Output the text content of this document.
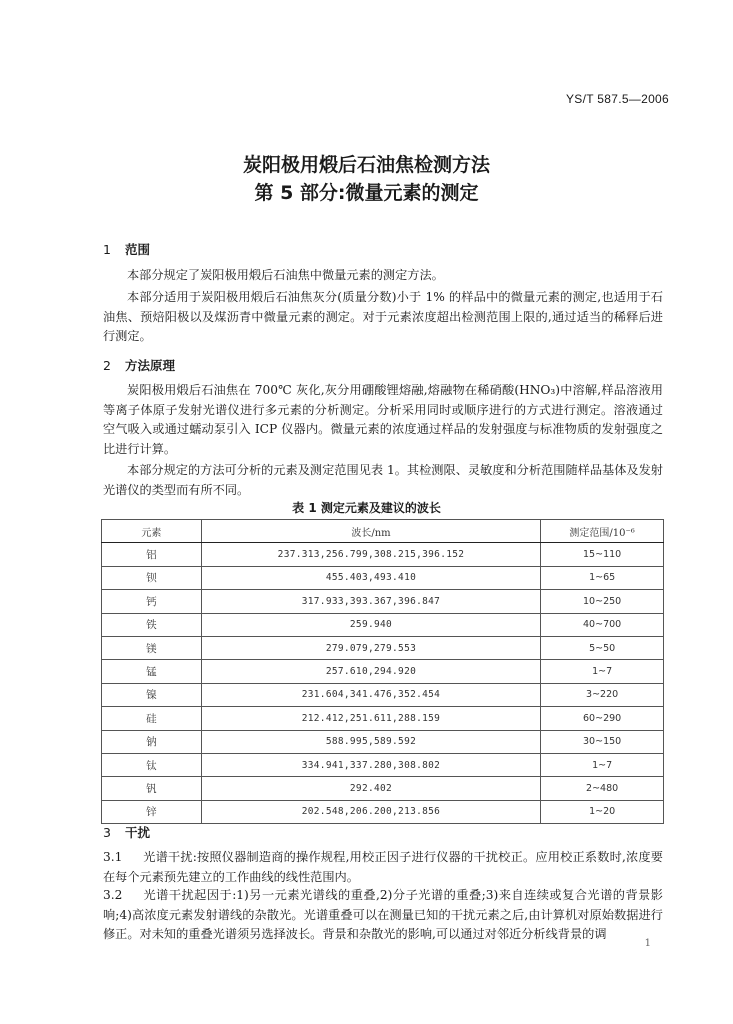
YS/T 587.5—2006
炭阳极用煅后石油焦检测方法
第 5 部分:微量元素的测定
1 范围
本部分规定了炭阳极用煅后石油焦中微量元素的测定方法。
本部分适用于炭阳极用煅后石油焦灰分(质量分数)小于 1% 的样品中的微量元素的测定,也适用于石油焦、预焙阳极以及煤沥青中微量元素的测定。对于元素浓度超出检测范围上限的,通过适当的稀释后进行测定。
2 方法原理
炭阳极用煅后石油焦在 700℃ 灰化,灰分用硼酸锂熔融,熔融物在稀硝酸(HNO₃)中溶解,样品溶液用等离子体原子发射光谱仪进行多元素的分析测定。分析采用同时或顺序进行的方式进行测定。溶液通过空气吸入或通过蠕动泵引入 ICP 仪器内。微量元素的浓度通过样品的发射强度与标准物质的发射强度之比进行计算。
本部分规定的方法可分析的元素及测定范围见表 1。其检测限、灵敏度和分析范围随样品基体及发射光谱仪的类型而有所不同。
表 1 测定元素及建议的波长
元素	波长/nm	测定范围/10⁻⁶
铝	237.313,256.799,308.215,396.152	15~110
钡	455.403,493.410	1~65
钙	317.933,393.367,396.847	10~250
铁	259.940	40~700
镁	279.079,279.553	5~50
锰	257.610,294.920	1~7
镍	231.604,341.476,352.454	3~220
硅	212.412,251.611,288.159	60~290
钠	588.995,589.592	30~150
钛	334.941,337.280,308.802	1~7
钒	292.402	2~480
锌	202.548,206.200,213.856	1~20
3 干扰
3.1 光谱干扰:按照仪器制造商的操作规程,用校正因子进行仪器的干扰校正。应用校正系数时,浓度要在每个元素预先建立的工作曲线的线性范围内。
3.2 光谱干扰起因于:1)另一元素光谱线的重叠,2)分子光谱的重叠;3)来自连续或复合光谱的背景影响;4)高浓度元素发射谱线的杂散光。光谱重叠可以在测量已知的干扰元素之后,由计算机对原始数据进行修正。对未知的重叠光谱须另选择波长。背景和杂散光的影响,可以通过对邻近分析线背景的调
1
